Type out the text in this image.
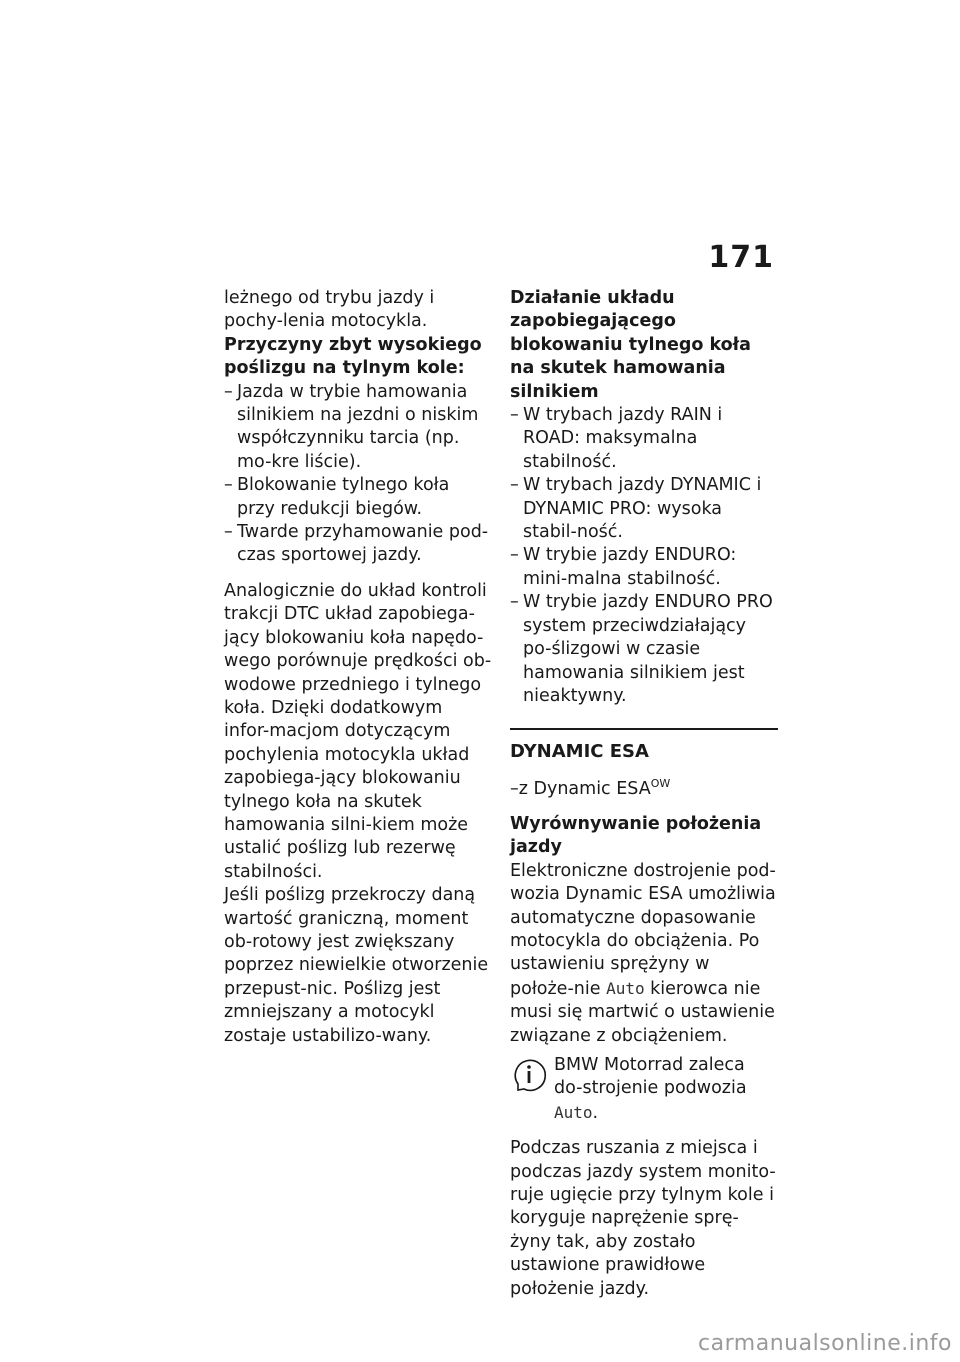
171

leżnego od trybu jazdy i pochy-lenia motocykla.

Przyczyny zbyt wysokiego poślizgu na tylnym kole:

– Jazda w trybie hamowania silnikiem na jezdni o niskim współczynniku tarcia (np. mo-kre liście).
– Blokowanie tylnego koła przy redukcji biegów.
– Twarde przyhamowanie pod-czas sportowej jazdy.

Analogicznie do układ kontroli trakcji DTC układ zapobiega-jący blokowaniu koła napędo-wego porównuje prędkości ob-wodowe przedniego i tylnego koła. Dzięki dodatkowym infor-macjom dotyczącym pochylenia motocykla układ zapobiega-jący blokowaniu tylnego koła na skutek hamowania silni-kiem może ustalić poślizg lub rezerwę stabilności.

Jeśli poślizg przekroczy daną wartość graniczną, moment ob-rotowy jest zwiększany poprzez niewielkie otworzenie przepust-nic. Poślizg jest zmniejszany a motocykl zostaje ustabilizo-wany.

Działanie układu zapobiegającego blokowaniu tylnego koła na skutek hamowania silnikiem

– W trybach jazdy RAIN i ROAD: maksymalna stabilność.
– W trybach jazdy DYNAMIC i DYNAMIC PRO: wysoka stabil-ność.
– W trybie jazdy ENDURO: mini-malna stabilność.
– W trybie jazdy ENDURO PRO system przeciwdziałający po-ślizgowi w czasie hamowania silnikiem jest nieaktywny.

DYNAMIC ESA

–z Dynamic $ESA^{OW}$

Wyrównywanie położenia jazdy

Elektroniczne dostrojenie pod-wozia Dynamic ESA umożliwia automatyczne dopasowanie motocykla do obciążenia. Po ustawieniu sprężyny w położe-nie Auto kierowca nie musi się martwić o ustawienie związane z obciążeniem.

BMW Motorrad zaleca do-strojenie podwozia Auto.

Podczas ruszania z miejsca i podczas jazdy system monito-ruje ugięcie przy tylnym kole i koryguje naprężenie sprę-żyny tak, aby zostało ustawione prawidłowe położenie jazdy.

carmanualsonline.info
